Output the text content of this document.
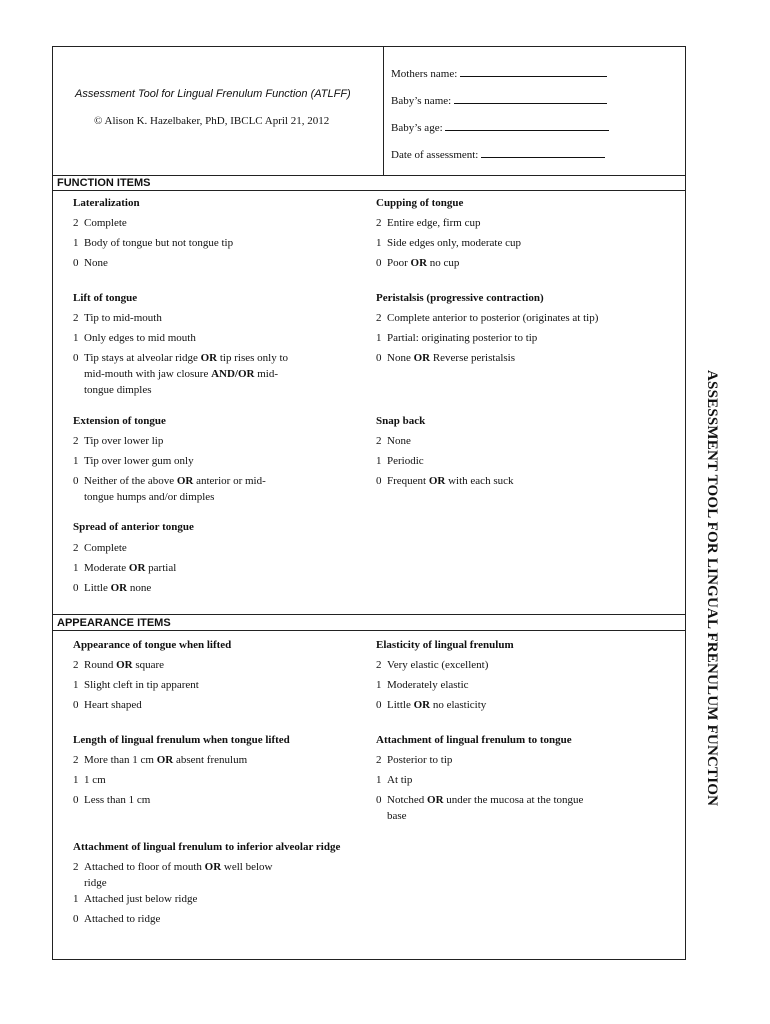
Assessment Tool for Lingual Frenulum Function (ATLFF)
© Alison K. Hazelbaker, PhD, IBCLC April 21, 2012
Mothers name:
Baby’s name:
Baby’s age:
Date of assessment:
FUNCTION ITEMS
APPEARANCE ITEMS	ASSESSMENT TOOL FOR LINGUAL FRENULUM FUNCTION
Lateralization
2 Complete
1 Body of tongue but not tongue tip
0 None
Cupping of tongue
2 Entire edge, firm cup
1 Side edges only, moderate cup
0 Poor OR no cup
Lift of tongue
2 Tip to mid-mouth
1 Only edges to mid mouth
0 Tip stays at alveolar ridge OR tip rises only to
mid-mouth with jaw closure AND/OR mid-
tongue dimples
Peristalsis (progressive contraction)
2 Complete anterior to posterior (originates at tip)
1 Partial: originating posterior to tip
0 None OR Reverse peristalsis
Extension of tongue
2 Tip over lower lip
1 Tip over lower gum only
0 Neither of the above OR anterior or mid-
tongue humps and/or dimples
Snap back
2 None
1 Periodic
0 Frequent OR with each suck
Spread of anterior tongue
2 Complete
1 Moderate OR partial
0 Little OR none
Appearance of tongue when lifted
2 Round OR square
1 Slight cleft in tip apparent
0 Heart shaped
Elasticity of lingual frenulum
2 Very elastic (excellent)
1 Moderately elastic
0 Little OR no elasticity
Length of lingual frenulum when tongue lifted
2 More than 1 cm OR absent frenulum
1 1 cm
0 Less than 1 cm
Attachment of lingual frenulum to tongue
2 Posterior to tip
1 At tip
0 Notched OR under the mucosa at the tongue
base
Attachment of lingual frenulum to inferior alveolar ridge
2 Attached to floor of mouth OR well below
ridge
1 Attached just below ridge
0 Attached to ridge
